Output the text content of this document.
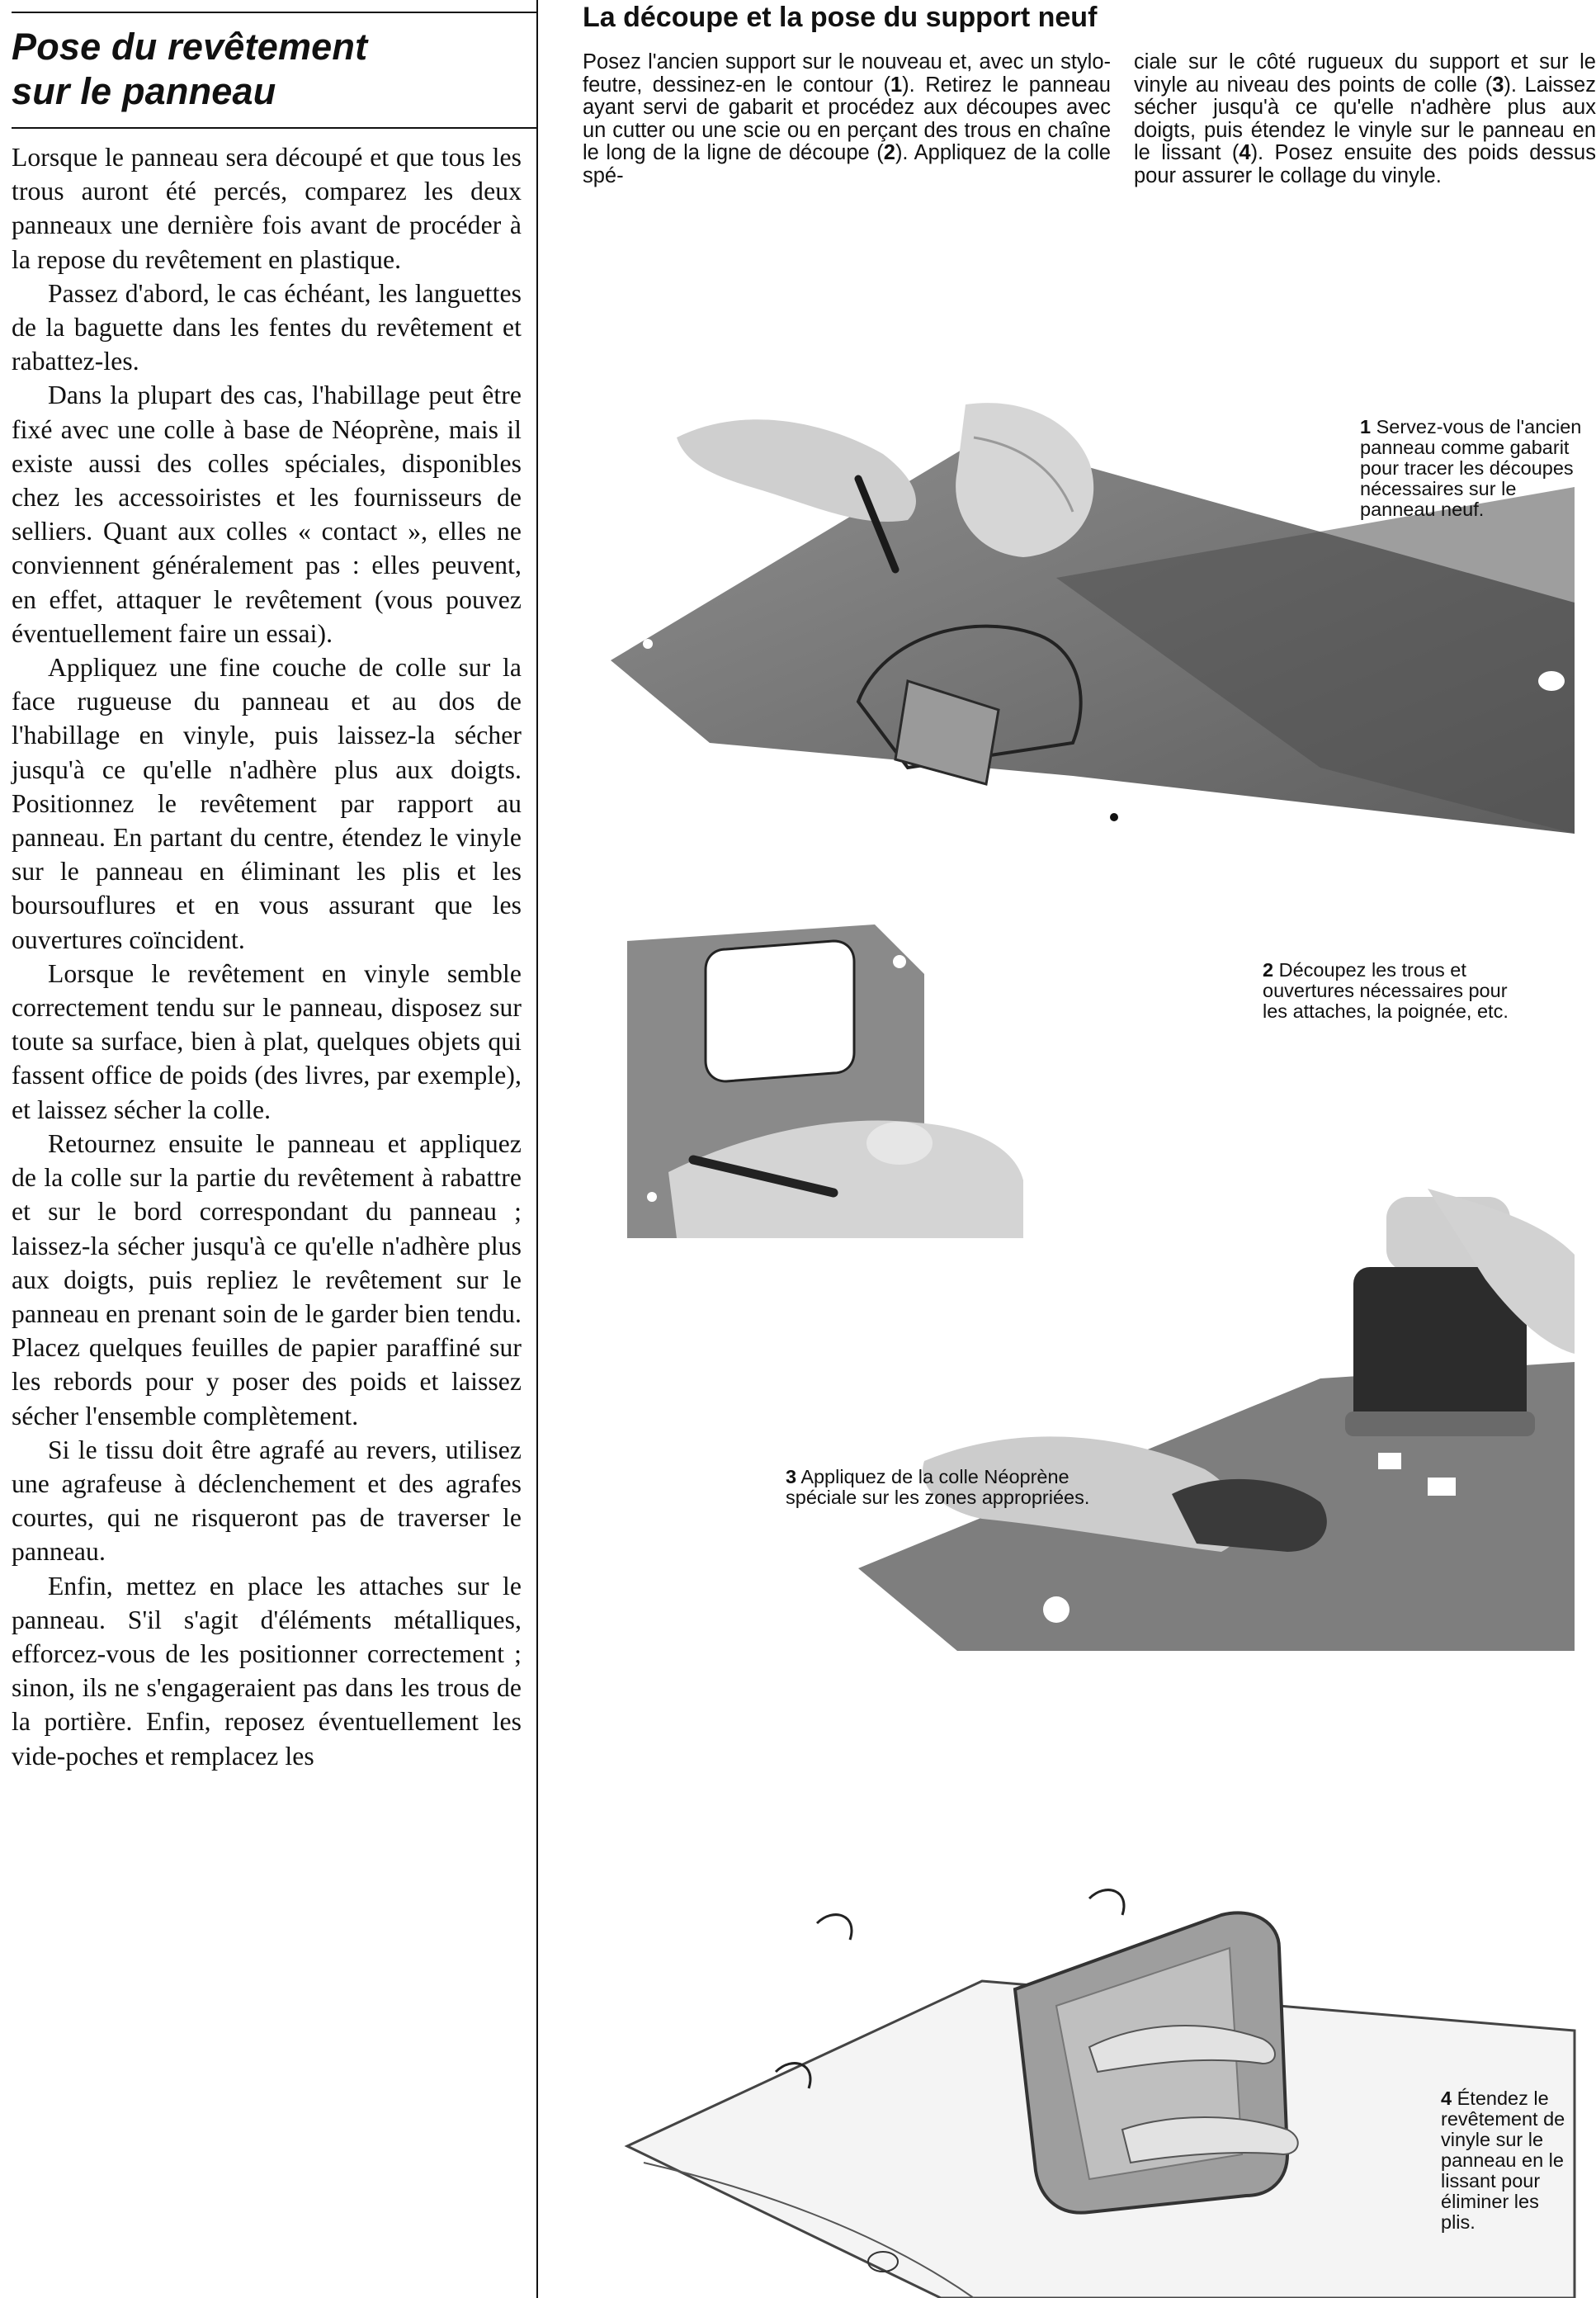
Pose du revêtement
sur le panneau

Lorsque le panneau sera découpé et que tous les trous auront été percés, comparez les deux panneaux une dernière fois avant de procéder à la repose du revêtement en plastique.

Passez d'abord, le cas échéant, les languettes de la baguette dans les fentes du revêtement et rabattez-les.

Dans la plupart des cas, l'habillage peut être fixé avec une colle à base de Néoprène, mais il existe aussi des colles spéciales, disponibles chez les accessoiristes et les fournisseurs de selliers. Quant aux colles « contact », elles ne conviennent généralement pas : elles peuvent, en effet, attaquer le revêtement (vous pouvez éventuellement faire un essai).

Appliquez une fine couche de colle sur la face rugueuse du panneau et au dos de l'habillage en vinyle, puis laissez-la sécher jusqu'à ce qu'elle n'adhère plus aux doigts. Positionnez le revêtement par rapport au panneau. En partant du centre, étendez le vinyle sur le panneau en éliminant les plis et les boursouflures et en vous assurant que les ouvertures coïncident.

Lorsque le revêtement en vinyle semble correctement tendu sur le panneau, disposez sur toute sa surface, bien à plat, quelques objets qui fassent office de poids (des livres, par exemple), et laissez sécher la colle.

Retournez ensuite le panneau et appliquez de la colle sur la partie du revêtement à rabattre et sur le bord correspondant du panneau ; laissez-la sécher jusqu'à ce qu'elle n'adhère plus aux doigts, puis repliez le revêtement sur le panneau en prenant soin de le garder bien tendu. Placez quelques feuilles de papier paraffiné sur les rebords pour y poser des poids et laissez sécher l'ensemble complètement.

Si le tissu doit être agrafé au revers, utilisez une agrafeuse à déclenchement et des agrafes courtes, qui ne risqueront pas de traverser le panneau.

Enfin, mettez en place les attaches sur le panneau. S'il s'agit d'éléments métalliques, efforcez-vous de les positionner correctement ; sinon, ils ne s'engageraient pas dans les trous de la portière. Enfin, reposez éventuellement les vide-poches et remplacez les

La découpe et la pose du support neuf

Posez l'ancien support sur le nouveau et, avec un stylo-feutre, dessinez-en le contour (1). Retirez le panneau ayant servi de gabarit et procédez aux découpes avec un cutter ou une scie ou en perçant des trous en chaîne le long de la ligne de découpe (2). Appliquez de la colle spé-

ciale sur le côté rugueux du support et sur le vinyle au niveau des points de colle (3). Laissez sécher jusqu'à ce qu'elle n'adhère plus aux doigts, puis étendez le vinyle sur le panneau en le lissant (4). Posez ensuite des poids dessus pour assurer le collage du vinyle.

1 Servez-vous de l'ancien panneau comme gabarit pour tracer les découpes nécessaires sur le panneau neuf.

2 Découpez les trous et ouvertures nécessaires pour les attaches, la poignée, etc.

3 Appliquez de la colle Néoprène spéciale sur les zones appropriées.

4 Étendez le revêtement de vinyle sur le panneau en le lissant pour éliminer les plis.
